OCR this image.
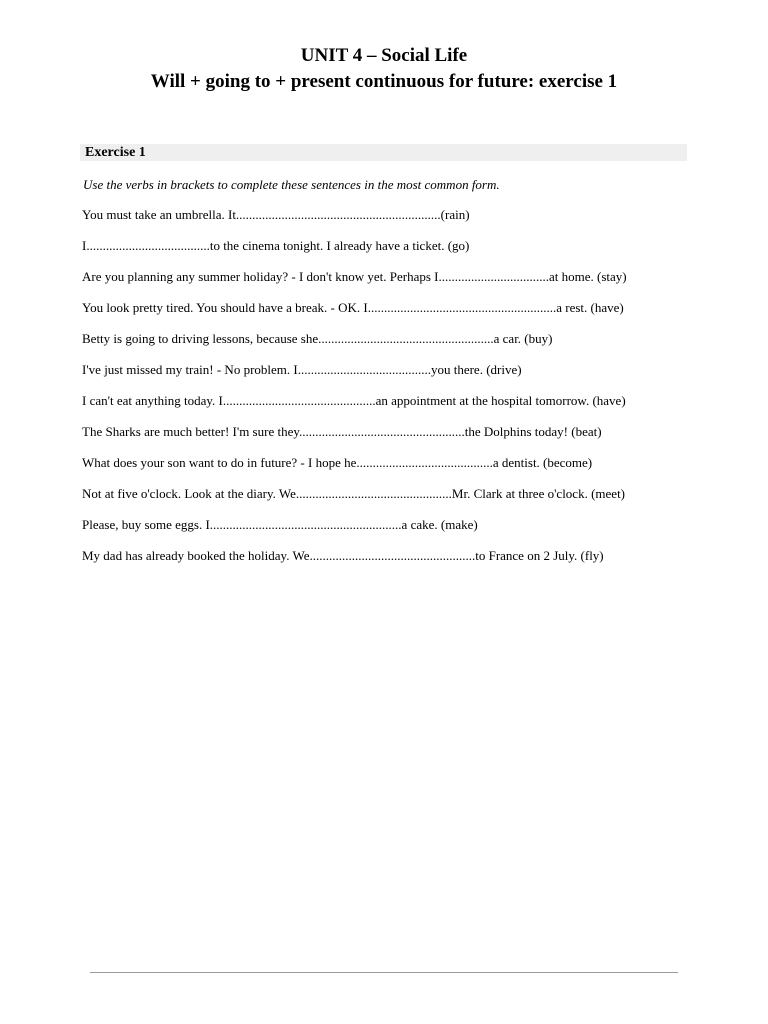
UNIT 4 – Social Life

Will + going to + present continuous for future: exercise 1

Exercise 1
Use the verbs in brackets to complete these sentences in the most common form.
You must take an umbrella. It...............................................................(rain)
I......................................to the cinema tonight. I already have a ticket. (go)
Are you planning any summer holiday? - I don't know yet. Perhaps I..................................at home. (stay)
You look pretty tired. You should have a break. - OK. I..........................................................a rest. (have)
Betty is going to driving lessons, because she......................................................a car. (buy)
I've just missed my train! - No problem. I.........................................you there. (drive)
I can't eat anything today. I...............................................an appointment at the hospital tomorrow. (have)
The Sharks are much better! I'm sure they...................................................the Dolphins today! (beat)
What does your son want to do in future? - I hope he..........................................a dentist. (become)
Not at five o'clock. Look at the diary. We................................................Mr. Clark at three o'clock. (meet)
Please, buy some eggs. I...........................................................a cake. (make)
My dad has already booked the holiday. We...................................................to France on 2 July. (fly)
